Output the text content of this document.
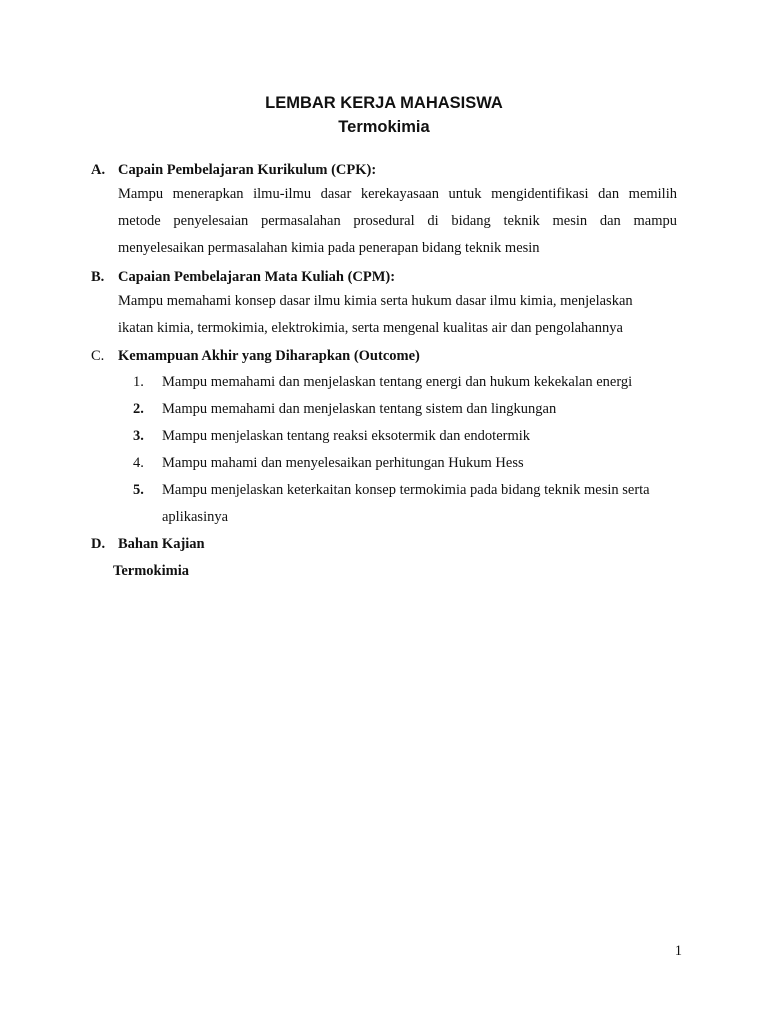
LEMBAR KERJA MAHASISWA
Termokimia
A. Capain Pembelajaran Kurikulum (CPK):
Mampu menerapkan ilmu-ilmu dasar kerekayasaan untuk mengidentifikasi dan memilih
metode penyelesaian permasalahan prosedural di bidang teknik mesin dan mampu
menyelesaikan permasalahan kimia pada penerapan bidang teknik mesin
B. Capaian Pembelajaran Mata Kuliah (CPM):
Mampu memahami konsep dasar ilmu kimia serta hukum dasar ilmu kimia, menjelaskan
ikatan kimia, termokimia, elektrokimia, serta mengenal kualitas air dan pengolahannya
C. Kemampuan Akhir yang Diharapkan (Outcome)
1.	Mampu memahami dan menjelaskan tentang energi dan hukum kekekalan energi
2.	Mampu memahami dan menjelaskan tentang sistem dan lingkungan
3.	Mampu menjelaskan tentang reaksi eksotermik dan endotermik
4.	Mampu mahami dan menyelesaikan perhitungan Hukum Hess
5.	Mampu menjelaskan keterkaitan konsep termokimia pada bidang teknik mesin serta
aplikasinya
D. Bahan Kajian
Termokimia
1
